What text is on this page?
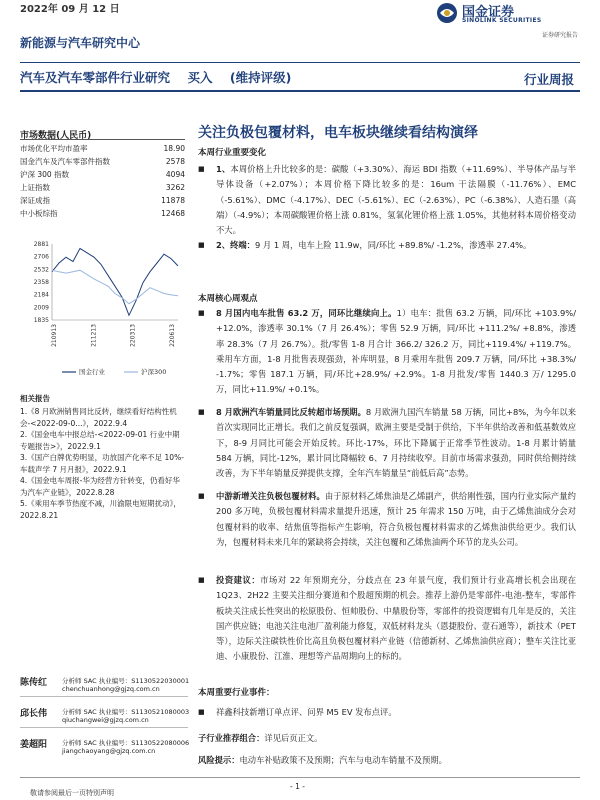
2022年 09 月 12 日	国金证券
SINOLINK SECURITIES
证券研究报告
新能源与汽车研究中心
汽车及汽车零部件行业研究 买入 (维持评级)	行业周报
市场数据(人民币)
市场优化平均市盈率	18.90
国金汽车及汽车零部件指数	2578
沪深 300 指数	4094
上证指数	3262
深证成指	11878
中小板综指	12468
2881
2706
2532
2358
2184
2009
1835
210913	211213	220313	220613
国金行业	沪深300
相关报告
1.《8 月欧洲销售同比反转，继续看好结构性机会-<2022-09-0...》，2022.9.4
2.《国金电车中报总结-<2022-09-01 行业中期专题报告>》，2022.9.1
3.《国产白牌优势明显，功放国产化率不足 10%-车载声学 7 月月报》，2022.9.1
4.《国金电车周报-华为经营方针转变，仍看好华为汽车产业链》，2022.8.28
5.《乘用车季节热度不减，川渝限电短期扰动》，2022.8.21
陈传红 分析师 SAC 执业编号：S1130522030001
chenchuanhong@gjzq.com.cn
邱长伟 分析师 SAC 执业编号：S1130521080003
qiuchangwei@gjzq.com.cn
姜超阳 分析师 SAC 执业编号：S1130522080006
jiangchaoyang@gjzq.com.cn
关注负极包覆材料，电车板块继续看结构演绎
本周行业重要变化
■	1、本周价格上升比较多的是：碳酸（+3.30%）、海运 BDI 指数（+11.69%）、半导体产品与半导体设备（+2.07%）；本周价格下降比较多的是：16um 干法隔膜（-11.76%）、EMC（-5.61%）、DMC（-4.17%）、DEC（-5.61%）、EC（-2.63%）、PC（-6.38%）、人造石墨（高端）（-4.9%）；本周碳酸锂价格上涨 0.81%，氢氧化锂价格上涨 1.05%，其他材料本周价格变动不大。
■	2、终端：9 月 1 周，电车上险 11.9w，同/环比 +89.8%/ -1.2%，渗透率 27.4%。
本周核心周观点
■	8 月国内电车批售 63.2 万，同环比继续向上。1）电车：批售 63.2 万辆，同/环比 +103.9%/ +12.0%，渗透率 30.1%（7 月 26.4%）；零售 52.9 万辆，同/环比 +111.2%/ +8.8%，渗透率 28.3%（7 月 26.7%）。批/零售 1-8 月合计 366.2/ 326.2 万，同比+119.4%/ +119.7%。乘用车方面，1-8 月批售表现强劲，补库明显，8 月乘用车批售 209.7 万辆，同/环比 +38.3%/ -1.7%；零售 187.1 万辆，同/环比+28.9%/ +2.9%。1-8 月批发/零售 1440.3 万/ 1295.0 万，同比+11.9%/ +0.1%。
■	8 月欧洲汽车销量同比反转超市场预期。8 月欧洲九国汽车销量 58 万辆，同比+8%，为今年以来首次实现同比正增长。我们之前反复强调，欧洲主要是受制于供给，下半年供给改善和低基数效应下，8-9 月同比可能会开始反转。环比-17%，环比下降属于正常季节性波动。1-8 月累计销量 584 万辆，同比-12%，累计同比降幅较 6、7 月持续收窄。目前市场需求强劲，同时供给侧持续改善，为下半年销量反弹提供支撑，全年汽车销量呈“前低后高”态势。
■	中游新增关注负极包覆材料。由于原材料乙烯焦油是乙烯副产，供给刚性强，国内行业实际产量约 200 多万吨，负极包覆材料需求量提升迅速，预计 25 年需求 150 万吨，由于乙烯焦油成分会对包覆材料的收率、结焦值等指标产生影响，符合负极包覆材料需求的乙烯焦油供给更少。我们认为，包覆材料未来几年的紧缺将会持续，关注包覆和乙烯焦油两个环节的龙头公司。
■	投资建议：市场对 22 年预期充分，分歧点在 23 年景气度，我们预计行业高增长机会出现在 1Q23、2H22 主要关注细分赛道和个股超预期的机会。推荐上游仍是零部件-电池-整车，零部件板块关注成长性突出的松原股份、恒帅股份、中鼎股份等，零部件的投资逻辑有几年是反的，关注国产供应链；电池关注电池厂盈利能力修复，双低材料龙头（恩捷股份、壹石通等），新技术（PET 等），边际关注碳铁性价比高且负极包覆材料产业链（信德新材、乙烯焦油供应商）；整车关注比亚迪、小康股份、江淮、理想等产品周期向上的标的。
本周重要行业事件：
■	祥鑫科技新增订单点评、问界 M5 EV 发布点评。
子行业推荐组合：详见后页正文。
风险提示：电动车补贴政策不及预期；汽车与电动车销量不及预期。
- 1 -
敬请参阅最后一页特别声明
